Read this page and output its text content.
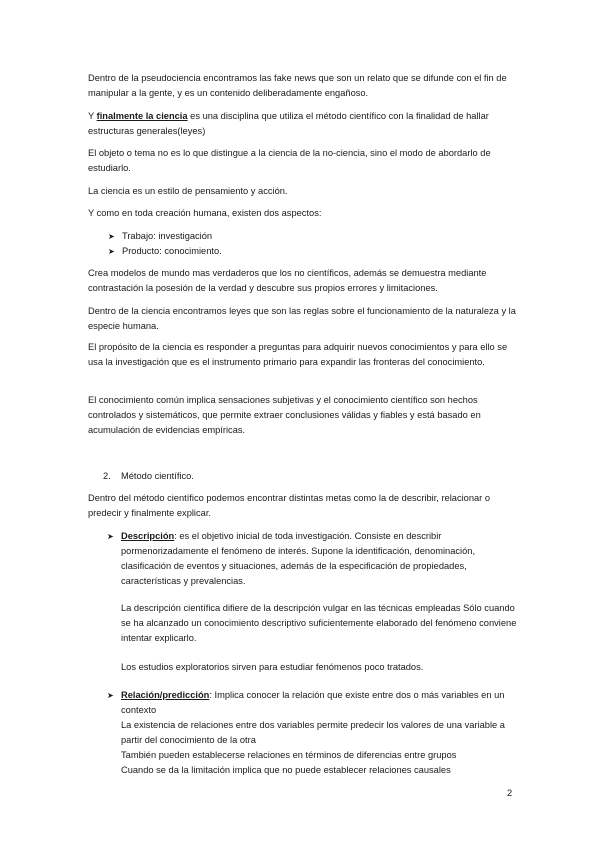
Dentro de la pseudociencia encontramos las fake news que son un relato que se difunde con el fin de manipular a la gente, y es un contenido deliberadamente engañoso.

Y finalmente la ciencia es una disciplina que utiliza el método científico con la finalidad de hallar estructuras generales(leyes)

El objeto o tema no es lo que distingue a la ciencia de la no-ciencia, sino el modo de abordarlo de estudiarlo.

La ciencia es un estilo de pensamiento y acción.

Y como en toda creación humana, existen dos aspectos:

➤ Trabajo: investigación
➤ Producto: conocimiento.

Crea modelos de mundo mas verdaderos que los no científicos, además se demuestra mediante contrastación la posesión de la verdad y descubre sus propios errores y limitaciones.

Dentro de la ciencia encontramos leyes que son las reglas sobre el funcionamiento de la naturaleza y la especie humana.

El propósito de la ciencia es responder a preguntas para adquirir nuevos conocimientos y para ello se usa la investigación que es el instrumento primario para expandir las fronteras del conocimiento.

El conocimiento común implica sensaciones subjetivas y el conocimiento científico son hechos controlados y sistemáticos, que permite extraer conclusiones válidas y fiables y está basado en acumulación de evidencias empíricas.

2. Método científico.

Dentro del método científico podemos encontrar distintas metas como la de describir, relacionar o predecir y finalmente explicar.

➤ Descripción: es el objetivo inicial de toda investigación. Consiste en describir pormenorizadamente el fenómeno de interés. Supone la identificación, denominación, clasificación de eventos y situaciones, además de la especificación de propiedades, características y prevalencias.

La descripción científica difiere de la descripción vulgar en las técnicas empleadas Sólo cuando se ha alcanzado un conocimiento descriptivo suficientemente elaborado del fenómeno conviene intentar explicarlo.

Los estudios exploratorios sirven para estudiar fenómenos poco tratados.

➤ Relación/predicción: Implica conocer la relación que existe entre dos o más variables en un contexto

La existencia de relaciones entre dos variables permite predecir los valores de una variable a partir del conocimiento de la otra

También pueden establecerse relaciones en términos de diferencias entre grupos

Cuando se da la limitación implica que no puede establecer relaciones causales

2
